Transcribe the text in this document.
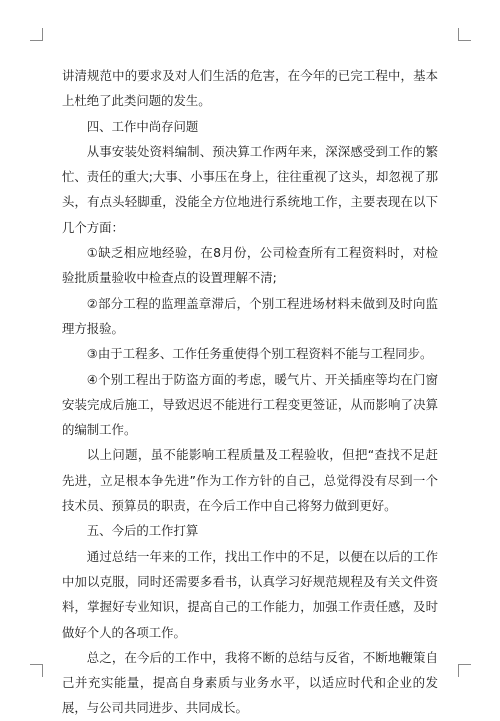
讲清规范中的要求及对人们生活的危害，在今年的已完工程中，基本上杜绝了此类问题的发生。

四、工作中尚存问题

从事安装处资料编制、预决算工作两年来，深深感受到工作的繁忙、责任的重大;大事、小事压在身上，往往重视了这头，却忽视了那头，有点头轻脚重，没能全方位地进行系统地工作，主要表现在以下几个方面：

①缺乏相应地经验，在8月份，公司检查所有工程资料时，对检验批质量验收中检查点的设置理解不清;

②部分工程的监理盖章滞后，个别工程进场材料未做到及时向监理方报验。

③由于工程多、工作任务重使得个别工程资料不能与工程同步。

④个别工程出于防盗方面的考虑，暖气片、开关插座等均在门窗安装完成后施工，导致迟迟不能进行工程变更签证，从而影响了决算的编制工作。

以上问题，虽不能影响工程质量及工程验收，但把“查找不足赶先进，立足根本争先进”作为工作方针的自己，总觉得没有尽到一个技术员、预算员的职责，在今后工作中自己将努力做到更好。

五、今后的工作打算

通过总结一年来的工作，找出工作中的不足，以便在以后的工作中加以克服，同时还需要多看书，认真学习好规范规程及有关文件资料，掌握好专业知识，提高自己的工作能力，加强工作责任感，及时做好个人的各项工作。

总之，在今后的工作中，我将不断的总结与反省，不断地鞭策自己并充实能量，提高自身素质与业务水平，以适应时代和企业的发展，与公司共同进步、共同成长。
